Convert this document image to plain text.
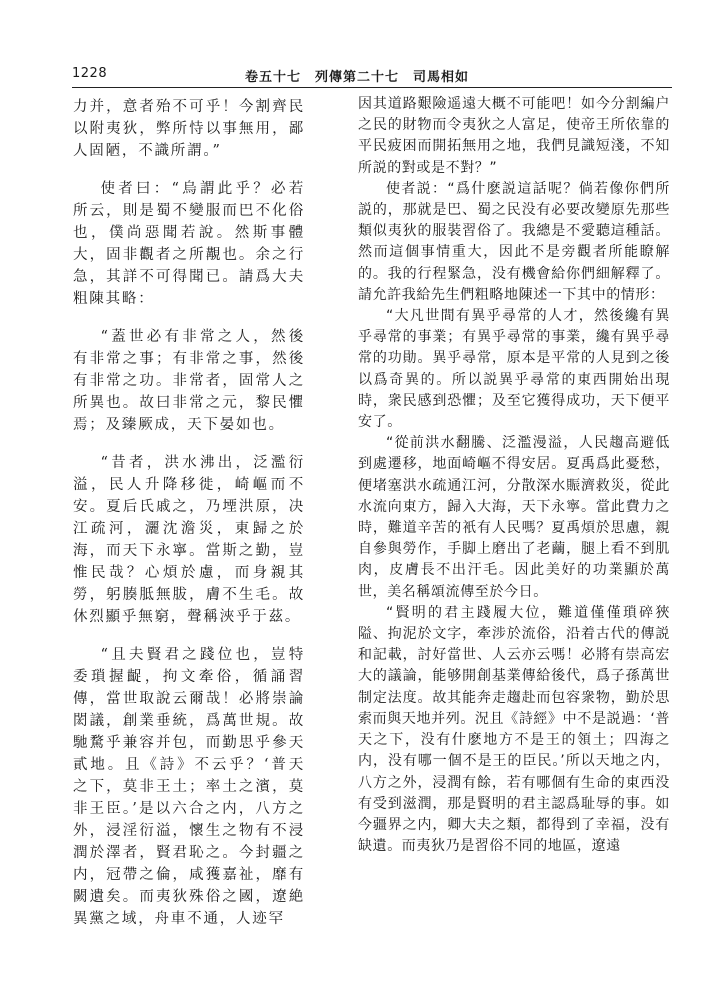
1228	卷五十七　列傳第二十七　司馬相如

力并，意者殆不可乎！今割齊民以附夷狄，弊所恃以事無用，鄙人固陋，不識所謂。”

使者曰：“烏謂此乎？必若所云，則是蜀不變服而巴不化俗也，僕尚惡聞若說。然斯事體大，固非觀者之所覯也。余之行急，其詳不可得聞已。請爲大夫粗陳其略：

“蓋世必有非常之人，然後有非常之事；有非常之事，然後有非常之功。非常者，固常人之所異也。故曰非常之元，黎民懼焉；及臻厥成，天下晏如也。

“昔者，洪水沸出，泛濫衍溢，民人升降移徙，崎嶇而不安。夏后氏戚之，乃堙洪原，决江疏河，灑沈澹災，東歸之於海，而天下永寧。當斯之勤，豈惟民哉？心煩於慮，而身親其勞，躬腠胝無胈，膚不生毛。故休烈顯乎無窮，聲稱浹乎于茲。

“且夫賢君之踐位也，豈特委瑣握齪，拘文牽俗，循誦習傳，當世取說云爾哉！必將崇論閎議，創業垂統，爲萬世規。故馳騖乎兼容并包，而勤思乎參天貳地。且《詩》不云乎？‘普天之下，莫非王土；率土之濱，莫非王臣。’是以六合之内，八方之外，浸淫衍溢，懷生之物有不浸潤於澤者，賢君恥之。今封疆之内，冠帶之倫，咸獲嘉祉，靡有闕遺矣。而夷狄殊俗之國，遼絶異黨之域，舟車不通，人迹罕

因其道路艱險遥遠大概不可能吧！如今分割編户之民的財物而令夷狄之人富足，使帝王所依靠的平民疲困而開拓無用之地，我們見識短淺，不知所説的對或是不對？”

使者説：“爲什麽説這話呢？倘若像你們所説的，那就是巴、蜀之民没有必要改變原先那些類似夷狄的服裝習俗了。我總是不愛聽這種話。然而這個事情重大，因此不是旁觀者所能瞭解的。我的行程緊急，没有機會給你們細解釋了。請允許我給先生們粗略地陳述一下其中的情形：

“大凡世間有異乎尋常的人才，然後纔有異乎尋常的事業；有異乎尋常的事業，纔有異乎尋常的功勛。異乎尋常，原本是平常的人見到之後以爲奇異的。所以説異乎尋常的東西開始出現時，衆民感到恐懼；及至它獲得成功，天下便平安了。

“從前洪水翻騰、泛濫漫溢，人民趨高避低到處遷移，地面崎嶇不得安居。夏禹爲此憂愁，便堵塞洪水疏通江河，分散深水賑濟救災，從此水流向東方，歸入大海，天下永寧。當此費力之時，難道辛苦的衹有人民嗎？夏禹煩於思慮，親自參與勞作，手脚上磨出了老繭，腿上看不到肌肉，皮膚長不出汗毛。因此美好的功業顯於萬世，美名稱頌流傳至於今日。

“賢明的君主踐履大位，難道僅僅瑣碎狹隘、拘泥於文字，牽涉於流俗，沿着古代的傳説和記載，討好當世、人云亦云嗎！必將有崇高宏大的議論，能够開創基業傳給後代，爲子孫萬世制定法度。故其能奔走趨赴而包容衆物，勤於思索而與天地并列。況且《詩經》中不是説過：‘普天之下，没有什麽地方不是王的領土；四海之内，没有哪一個不是王的臣民。’所以天地之内，八方之外，浸潤有餘，若有哪個有生命的東西没有受到滋潤，那是賢明的君主認爲耻辱的事。如今疆界之内，卿大夫之類，都得到了幸福，没有缺遺。而夷狄乃是習俗不同的地區，遼遠
